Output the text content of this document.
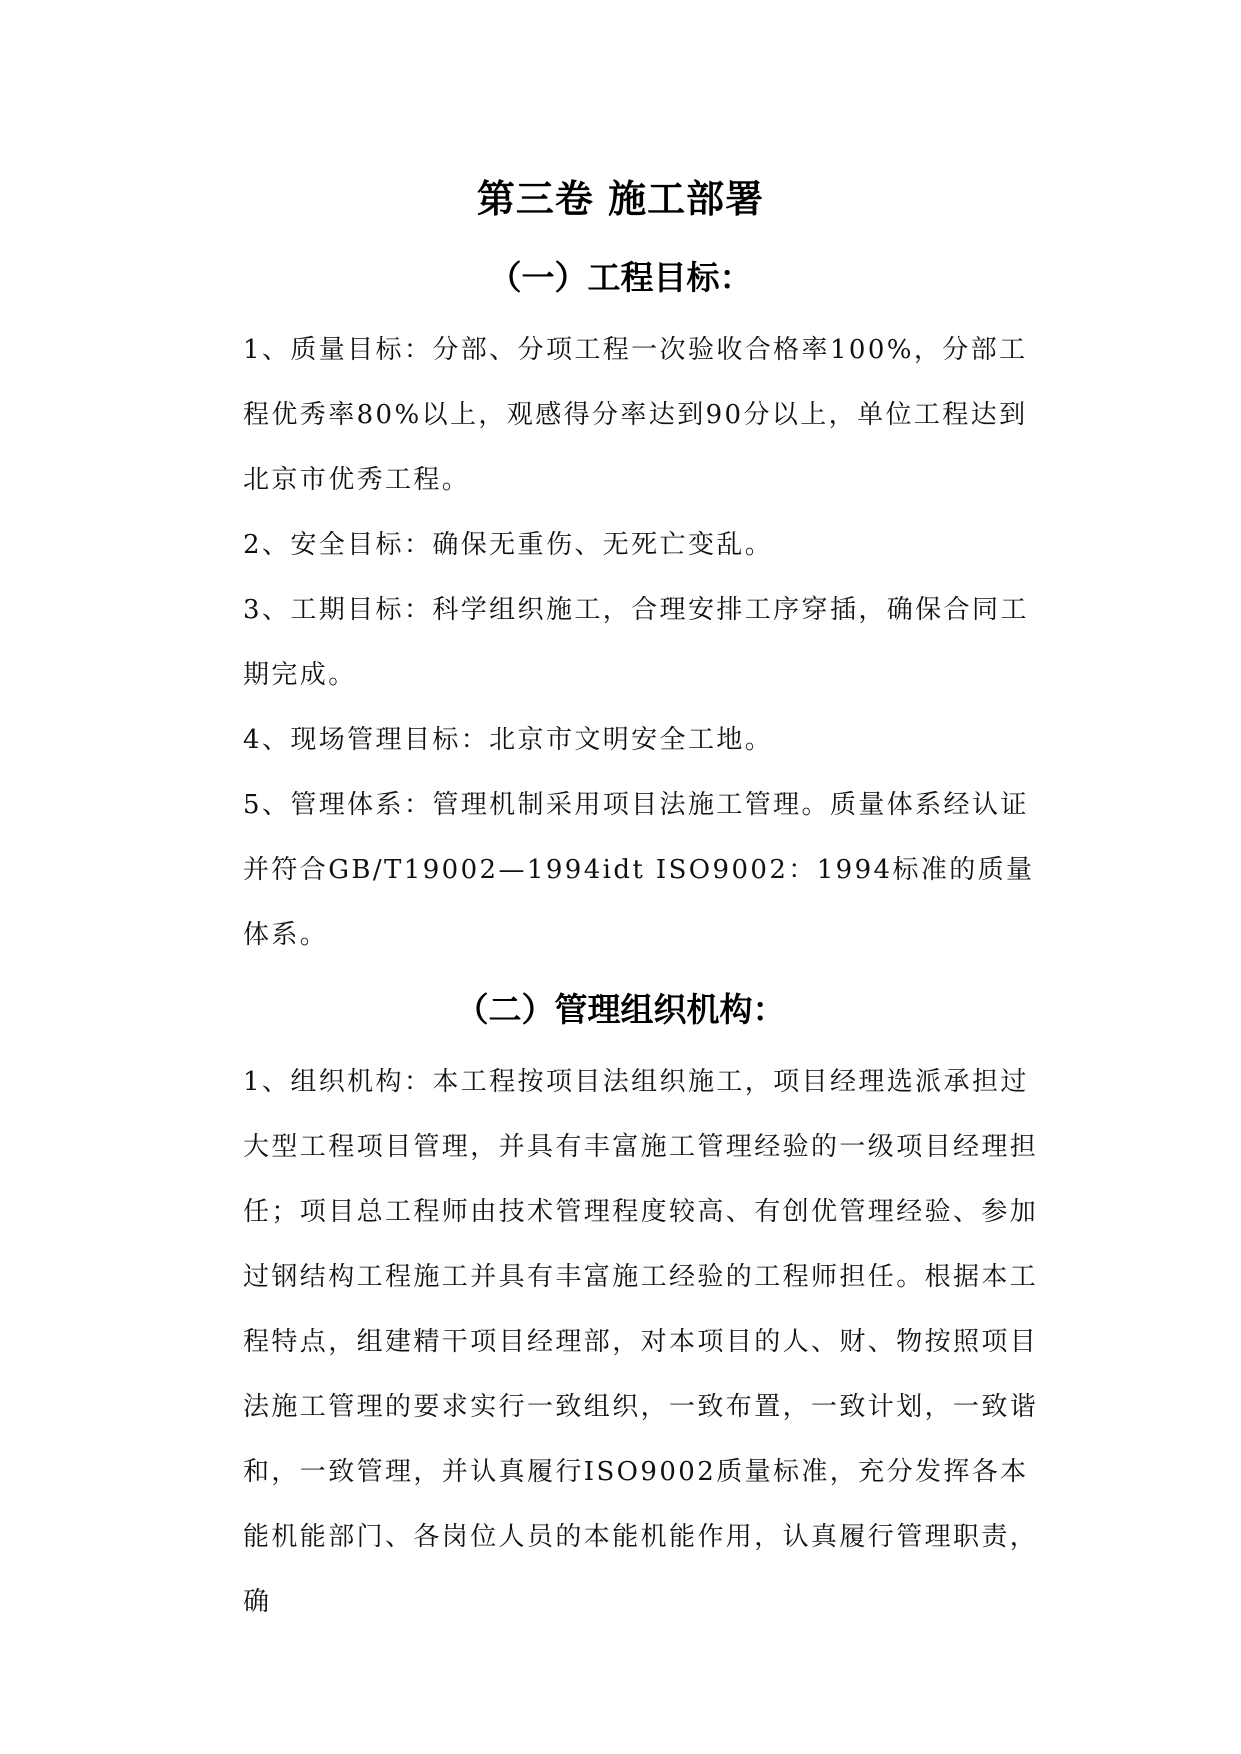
第三卷 施工部署
（一）工程目标：

1、质量目标：分部、分项工程一次验收合格率100%，分部工程优秀率80%以上，观感得分率达到90分以上，单位工程达到北京市优秀工程。

2、安全目标：确保无重伤、无死亡变乱。

3、工期目标：科学组织施工，合理安排工序穿插，确保合同工期完成。

4、现场管理目标：北京市文明安全工地。

5、管理体系：管理机制采用项目法施工管理。质量体系经认证并符合GB/T19002—1994idt ISO9002：1994标准的质量体系。

（二）管理组织机构：

1、组织机构：本工程按项目法组织施工，项目经理选派承担过大型工程项目管理，并具有丰富施工管理经验的一级项目经理担任；项目总工程师由技术管理程度较高、有创优管理经验、参加过钢结构工程施工并具有丰富施工经验的工程师担任。根据本工程特点，组建精干项目经理部，对本项目的人、财、物按照项目法施工管理的要求实行一致组织，一致布置，一致计划，一致谐和，一致管理，并认真履行ISO9002质量标准，充分发挥各本能机能部门、各岗位人员的本能机能作用，认真履行管理职责，确
